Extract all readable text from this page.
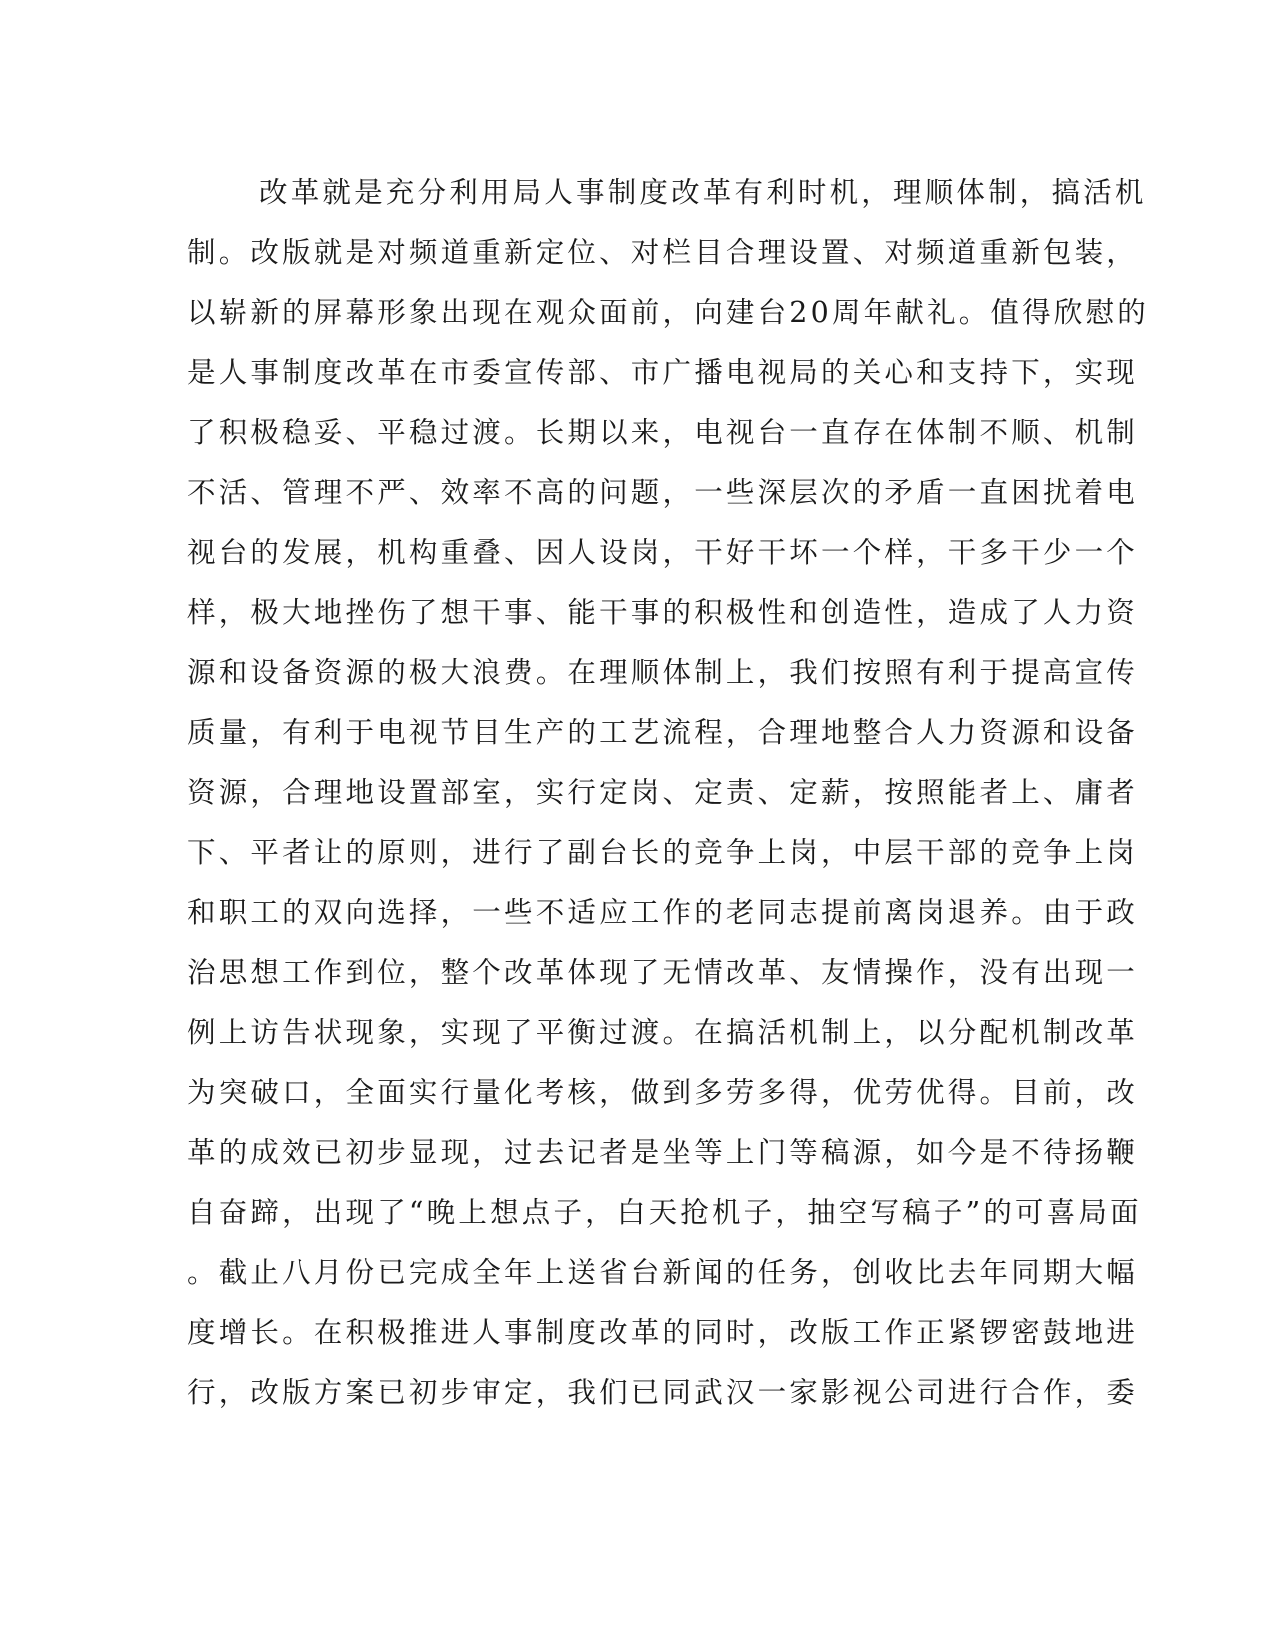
改革就是充分利用局人事制度改革有利时机，理顺体制，搞活机
制。改版就是对频道重新定位、对栏目合理设置、对频道重新包装，
以崭新的屏幕形象出现在观众面前，向建台20周年献礼。值得欣慰的
是人事制度改革在市委宣传部、市广播电视局的关心和支持下，实现
了积极稳妥、平稳过渡。长期以来，电视台一直存在体制不顺、机制
不活、管理不严、效率不高的问题，一些深层次的矛盾一直困扰着电
视台的发展，机构重叠、因人设岗，干好干坏一个样，干多干少一个
样，极大地挫伤了想干事、能干事的积极性和创造性，造成了人力资
源和设备资源的极大浪费。在理顺体制上，我们按照有利于提高宣传
质量，有利于电视节目生产的工艺流程，合理地整合人力资源和设备
资源，合理地设置部室，实行定岗、定责、定薪，按照能者上、庸者
下、平者让的原则，进行了副台长的竞争上岗，中层干部的竞争上岗
和职工的双向选择，一些不适应工作的老同志提前离岗退养。由于政
治思想工作到位，整个改革体现了无情改革、友情操作，没有出现一
例上访告状现象，实现了平衡过渡。在搞活机制上，以分配机制改革
为突破口，全面实行量化考核，做到多劳多得，优劳优得。目前，改
革的成效已初步显现，过去记者是坐等上门等稿源，如今是不待扬鞭
自奋蹄，出现了“晚上想点子，白天抢机子，抽空写稿子”的可喜局面
。截止八月份已完成全年上送省台新闻的任务，创收比去年同期大幅
度增长。在积极推进人事制度改革的同时，改版工作正紧锣密鼓地进
行，改版方案已初步审定，我们已同武汉一家影视公司进行合作，委
